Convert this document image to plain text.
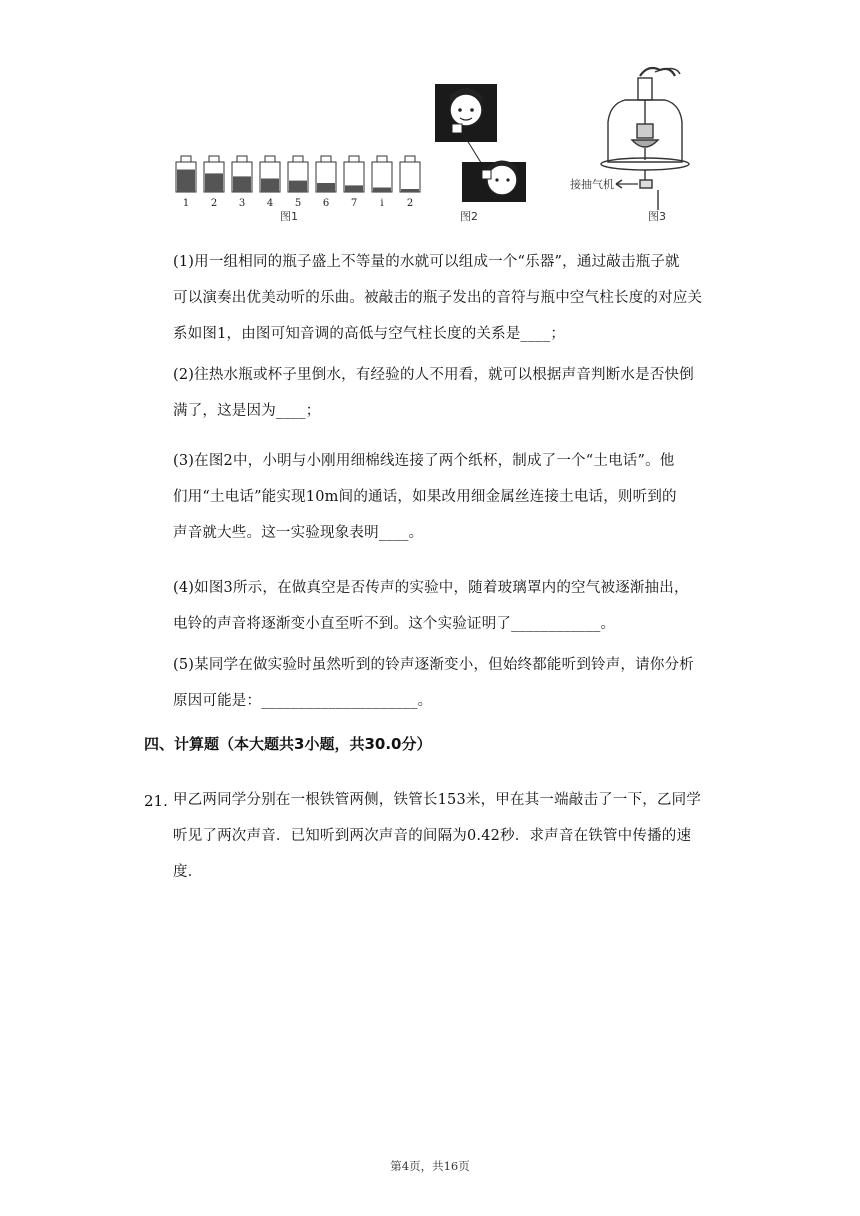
1 2 3 4 5 6 7 i 2
图1	图2
接抽气机
图3
(1)用一组相同的瓶子盛上不等量的水就可以组成一个“乐器”，通过敲击瓶子就
可以演奏出优美动听的乐曲。被敲击的瓶子发出的音符与瓶中空气柱长度的对应关
系如图1，由图可知音调的高低与空气柱长度的关系是____；
(2)往热水瓶或杯子里倒水，有经验的人不用看，就可以根据声音判断水是否快倒
满了，这是因为____；
(3)在图2中，小明与小刚用细棉线连接了两个纸杯，制成了一个“土电话”。他
们用“土电话”能实现10m间的通话，如果改用细金属丝连接土电话，则听到的
声音就大些。这一实验现象表明____。
(4)如图3所示，在做真空是否传声的实验中，随着玻璃罩内的空气被逐渐抽出，
电铃的声音将逐渐变小直至听不到。这个实验证明了____________。
(5)某同学在做实验时虽然听到的铃声逐渐变小，但始终都能听到铃声，请你分析
原因可能是：_____________________。
四、计算题（本大题共3小题，共30.0分）
21. 甲乙两同学分别在一根铁管两侧，铁管长153米，甲在其一端敲击了一下，乙同学
听见了两次声音．已知听到两次声音的间隔为0.42秒．求声音在铁管中传播的速
度．
第4页，共16页
